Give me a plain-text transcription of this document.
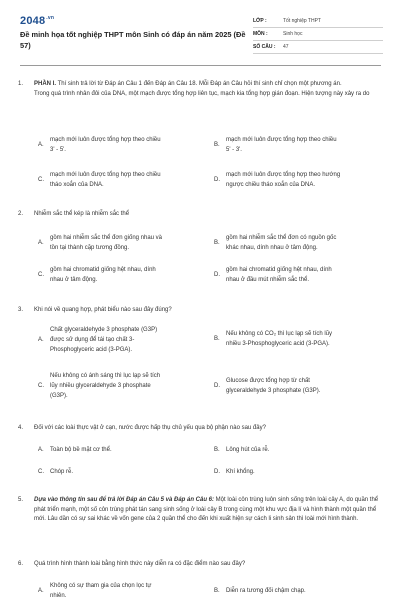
$2048^{.vn}$
Đề minh họa tốt nghiệp THPT môn Sinh có đáp án năm 2025 (Đề 57)
LỚP :	Tốt nghiệp THPT
MÔN :	Sinh học
SỐ CÂU :	47
1.	PHẦN I. Thí sinh trả lời từ Đáp án Câu 1 đến Đáp án Câu 18. Mỗi Đáp án Câu hỏi thí sinh chỉ chọn một phương án.
Trong quá trình nhân đôi của DNA, một mạch được tổng hợp liên tục, mạch kia tổng hợp gián đoạn. Hiện tượng này xảy ra do
A.
mạch mới luôn được tổng hợp theo chiều
3' - 5'.
B.
mạch mới luôn được tổng hợp theo chiều
5' - 3'.
C.
mạch mới luôn được tổng hợp theo chiều
tháo xoắn của DNA.
D.
mạch mới luôn được tổng hợp theo hướng
ngược chiều tháo xoắn của DNA.
2.	Nhiễm sắc thể kép là nhiễm sắc thể
A.
gồm hai nhiễm sắc thể đơn giống nhau và
tồn tại thành cặp tương đồng.
B.
gồm hai nhiễm sắc thể đơn có nguồn gốc
khác nhau, dính nhau ở tâm động.
C.
gồm hai chromatid giống hệt nhau, dính
nhau ở tâm động.
D.
gồm hai chromatid giống hệt nhau, dính
nhau ở đầu mút nhiễm sắc thể.
3.	Khi nói về quang hợp, phát biểu nào sau đây đúng?
A.
Chất glyceraldehyde 3 phosphate (G3P)
được sử dụng để tái tạo chất 3-
Phosphoglyceric acid (3-PGA).
B.
Nếu không có CO₂ thì lục lạp sẽ tích lũy
nhiều 3-Phosphoglyceric acid (3-PGA).
C.
Nếu không có ánh sáng thì lục lạp sẽ tích
lũy nhiều glyceraldehyde 3 phosphate
(G3P).
D.
Glucose được tổng hợp từ chất
glyceraldehyde 3 phosphate (G3P).
4.	Đối với các loài thực vật ở cạn, nước được hấp thụ chủ yếu qua bộ phận nào sau đây?
A. Toàn bộ bề mặt cơ thể.	B. Lông hút của rễ.
C. Chóp rễ.	D. Khí khổng.
5.	Dựa vào thông tin sau để trả lời Đáp án Câu 5 và Đáp án Câu 6: Một loài côn trùng luôn sinh sống trên loài cây A, do quần thể phát triển mạnh, một số côn trùng phát tán sang sinh sống ở loài cây B trong cùng một khu vực địa lí và hình thành một quần thể mới. Lâu dần có sự sai khác về vốn gene của 2 quần thể cho đến khi xuất hiện sự cách li sinh sản thì loài mới hình thành.
6.	Quá trình hình thành loài bằng hình thức này diễn ra có đặc điểm nào sau đây?
A.
Không có sự tham gia của chọn lọc tự
nhiên.
B. Diễn ra tương đối chậm chạp.
